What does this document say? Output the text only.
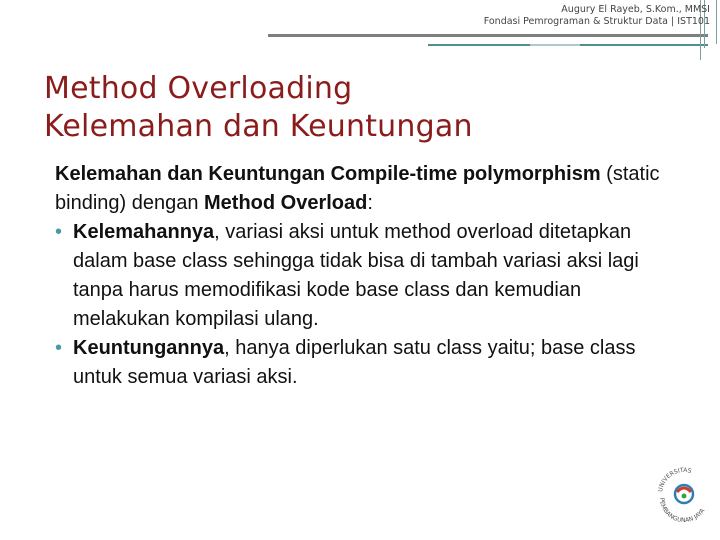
Augury El Rayeb, S.Kom., MMSI
Fondasi Pemrograman & Struktur Data | IST101
Method Overloading
Kelemahan dan Keuntungan

Kelemahan dan Keuntungan Compile-time polymorphism (static binding) dengan Method Overload:

• Kelemahannya, variasi aksi untuk method overload ditetapkan dalam base class sehingga tidak bisa di tambah variasi aksi lagi tanpa harus memodifikasi kode base class dan kemudian melakukan kompilasi ulang.

• Keuntungannya, hanya diperlukan satu class yaitu; base class untuk semua variasi aksi.

UNIVERSITAS
PEMBANGUNAN JAYA
